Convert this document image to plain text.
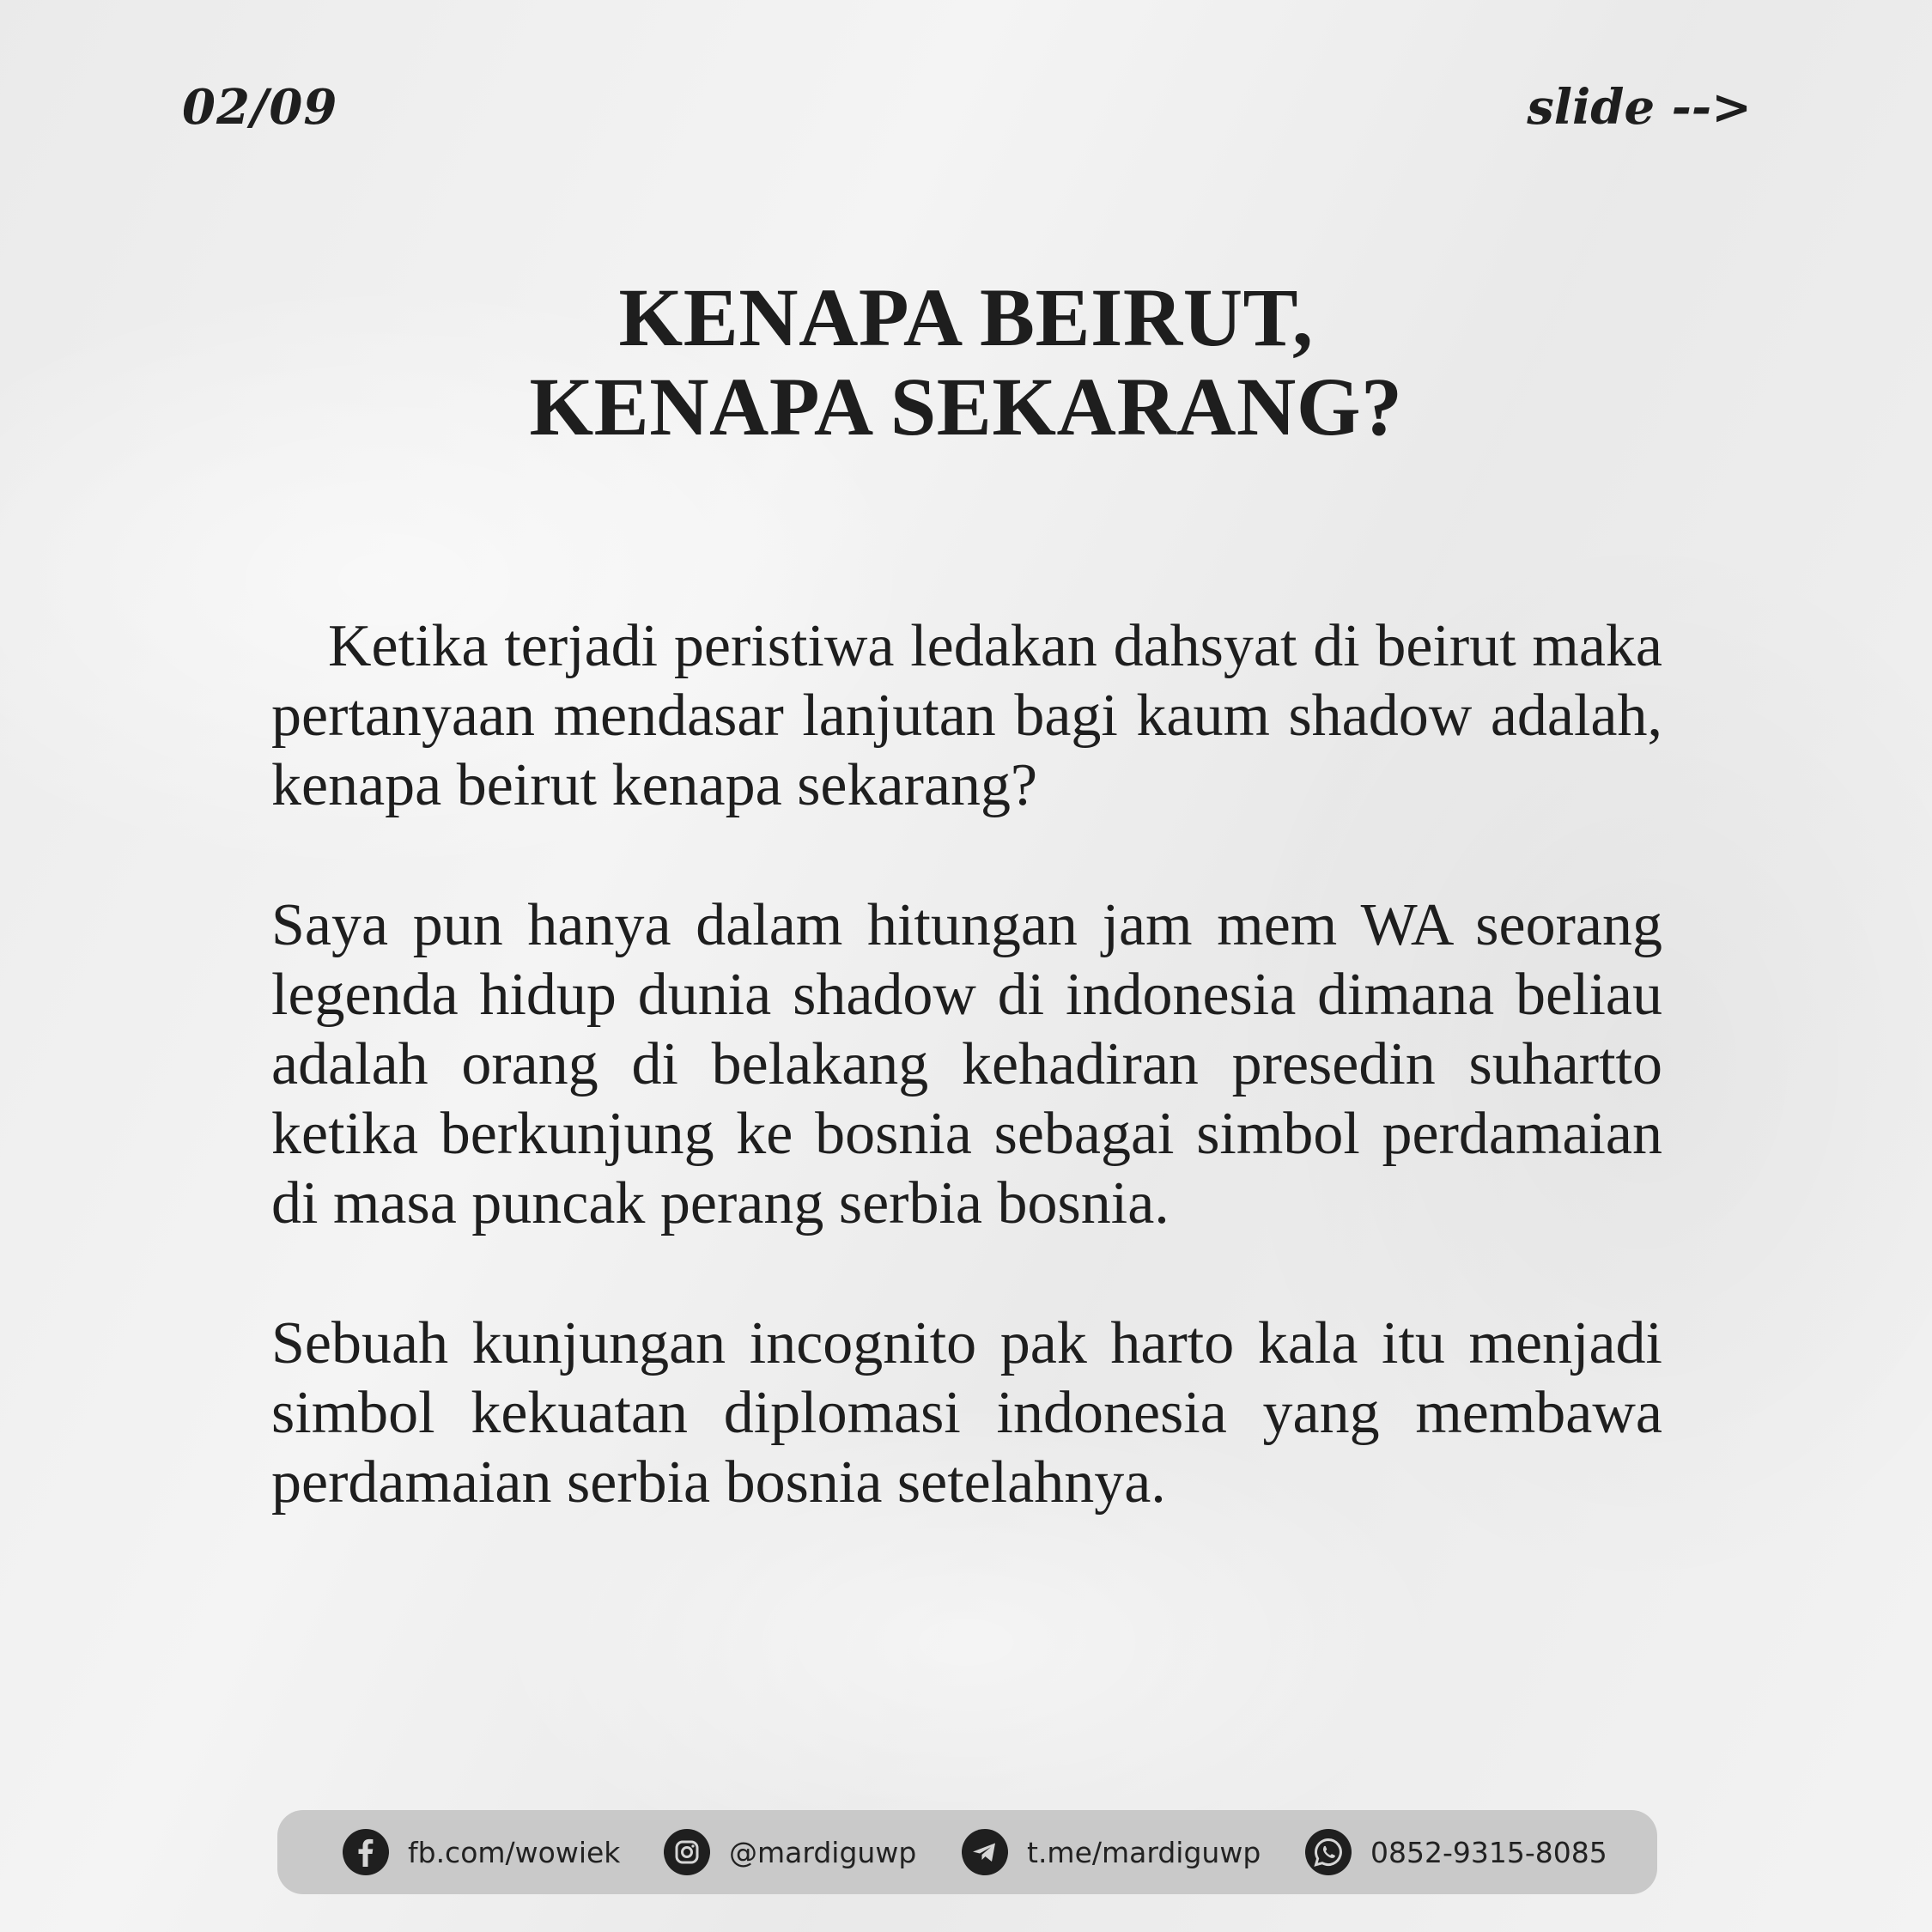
02/09	slide -->
KENAPA BEIRUT,
KENAPA SEKARANG?

Ketika terjadi peristiwa ledakan dahsyat di beirut maka pertanyaan mendasar lanjutan bagi kaum shadow adalah, kenapa beirut kenapa sekarang?

Saya pun hanya dalam hitungan jam mem WA seorang legenda hidup dunia shadow di indonesia dimana beliau adalah orang di belakang kehadiran presedin suhartto ketika berkunjung ke bosnia sebagai simbol perdamaian di masa puncak perang serbia bosnia.

Sebuah kunjungan incognito pak harto kala itu menjadi simbol kekuatan diplomasi indonesia yang membawa perdamaian serbia bosnia setelahnya.

fb.com/wowiek	@mardiguwp	t.me/mardiguwp	0852-9315-8085
